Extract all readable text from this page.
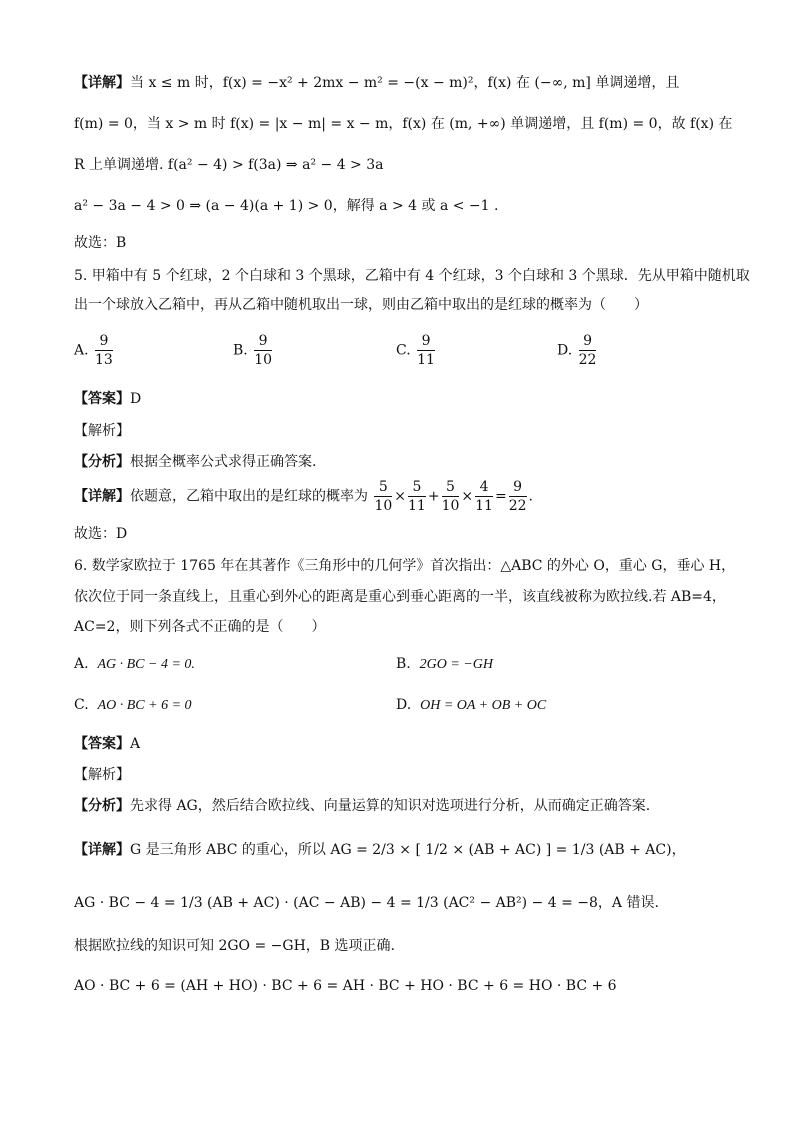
【详解】当 x ≤ m 时，f(x) = −x² + 2mx − m² = −(x − m)²，f(x) 在 (−∞, m] 单调递增，且
f(m) = 0，当 x > m 时 f(x) = |x − m| = x − m，f(x) 在 (m, +∞) 单调递增，且 f(m) = 0，故 f(x) 在
R 上单调递增. f(a² − 4) > f(3a) ⇒ a² − 4 > 3a
a² − 3a − 4 > 0 ⇒ (a − 4)(a + 1) > 0，解得 a > 4 或 a < −1 .
故选：B
5. 甲箱中有 5 个红球，2 个白球和 3 个黑球，乙箱中有 4 个红球，3 个白球和 3 个黑球．先从甲箱中随机取
出一个球放入乙箱中，再从乙箱中随机取出一球，则由乙箱中取出的是红球的概率为（　　）
A. $\frac{9}{13}$	B. $\frac{9}{10}$	C. $\frac{9}{11}$	D. $\frac{9}{22}$
【答案】D
【解析】
【分析】根据全概率公式求得正确答案.
【详解】依题意，乙箱中取出的是红球的概率为 $\frac{5}{10} \times \frac{5}{11} + \frac{5}{10} \times \frac{4}{11} = \frac{9}{22}$ .
故选：D
6. 数学家欧拉于 1765 年在其著作《三角形中的几何学》首次指出：△ABC 的外心 O，重心 G，垂心 H，
依次位于同一条直线上，且重心到外心的距离是重心到垂心距离的一半，该直线被称为欧拉线.若 AB=4，
AC=2，则下列各式不正确的是（　　）
A. AG · BC − 4 = 0.	B. 2GO = −GH
C. AO · BC + 6 = 0	D. OH = OA + OB + OC
【答案】A
【解析】
【分析】先求得 AG，然后结合欧拉线、向量运算的知识对选项进行分析，从而确定正确答案.
【详解】G 是三角形 ABC 的重心，所以 AG = 2/3 × [ 1/2 × (AB + AC) ] = 1/3 (AB + AC)，
AG · BC − 4 = 1/3 (AB + AC) · (AC − AB) − 4 = 1/3 (AC² − AB²) − 4 = −8，A 错误.
根据欧拉线的知识可知 2GO = −GH，B 选项正确.
AO · BC + 6 = (AH + HO) · BC + 6 = AH · BC + HO · BC + 6 = HO · BC + 6
